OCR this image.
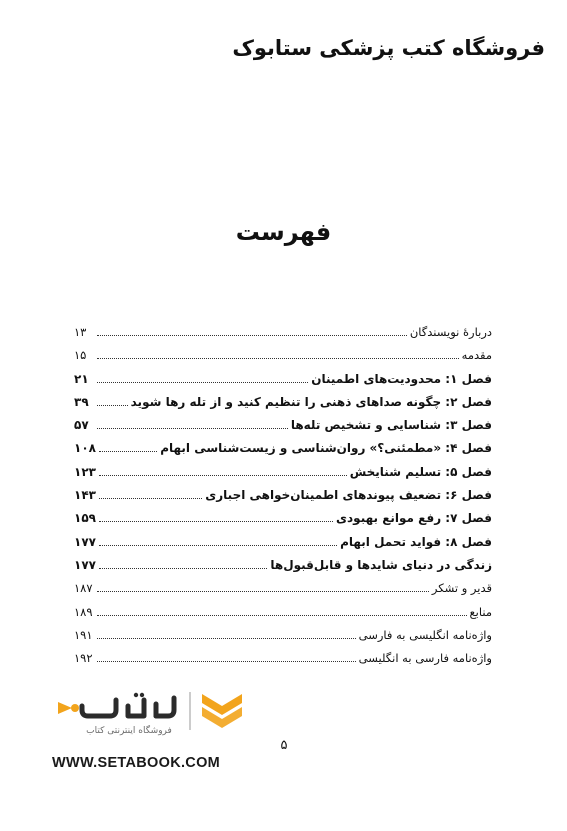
فروشگاه کتب پزشکی ستابوک
فهرست
دربارهٔ نویسندگان
۱۳
مقدمه
۱۵
فصل ۱: محدودیت‌های اطمینان
۲۱
فصل ۲: چگونه صداهای ذهنی را تنظیم کنید و از تله رها شوید
۳۹
فصل ۳: شناسایی و تشخیص تله‌ها
۵۷
فصل ۴: «مطمئنی؟» روان‌شناسی و زیست‌شناسی ابهام
۱۰۸
فصل ۵: تسلیم شنایخش
۱۲۳
فصل ۶: تضعیف پیوندهای اطمینان‌خواهی اجباری
۱۴۳
فصل ۷: رفع موانع بهبودی
۱۵۹
فصل ۸: فواید تحمل ابهام
۱۷۷
زندگی در دنیای شایدها و قابل‌قبول‌ها
۱۷۷
قدیر و تشکر
۱۸۷
منابع
۱۸۹
واژه‌نامه انگلیسی به فارسی
۱۹۱
واژه‌نامه فارسی به انگلیسی
۱۹۲
۵
فروشگاه اینترنتی کتاب
WWW.SETABOOK.COM
